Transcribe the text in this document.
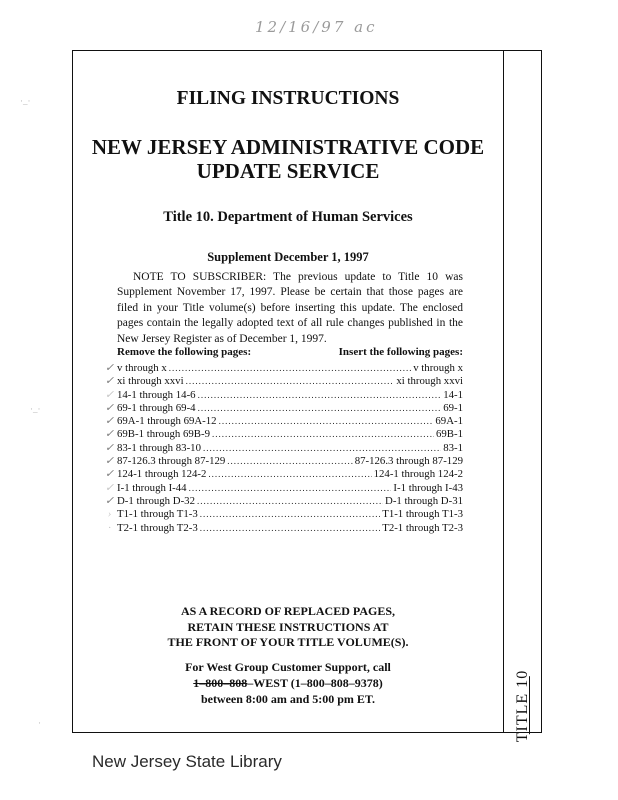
12/16/97 ac
·_·
·_·
·	TITLE 10
FILING INSTRUCTIONS
NEW JERSEY ADMINISTRATIVE CODE
UPDATE SERVICE
Title 10. Department of Human Services
Supplement December 1, 1997

NOTE TO SUBSCRIBER: The previous update to Title 10 was Supplement November 17, 1997. Please be certain that those pages are filed in your Title volume(s) before inserting this update. The enclosed pages contain the legally adopted text of all rule changes published in the New Jersey Register as of December 1, 1997.

Remove the following pages:	Insert the following pages:
✓ v through x .....	v through x
✓ xi through xxvi .....	xi through xxvi
✓ 14-1 through 14-6 .....	14-1
✓ 69-1 through 69-4 .....	69-1
✓ 69A-1 through 69A-12 .....	69A-1
✓ 69B-1 through 69B-9 .....	69B-1
✓ 83-1 through 83-10 .....	83-1
✓ 87-126.3 through 87-129 .....	87-126.3 through 87-129
✓ 124-1 through 124-2 .....	124-1 through 124-2
✓ I-1 through I-44 .....	I-1 through I-43
✓ D-1 through D-32 .....	D-1 through D-31
› T1-1 through T1-3 .....	T1-1 through T1-3
· T2-1 through T2-3 .....	T2-1 through T2-3
AS A RECORD OF REPLACED PAGES,
RETAIN THESE INSTRUCTIONS AT
THE FRONT OF YOUR TITLE VOLUME(S).
For West Group Customer Support, call
1–800–808–WEST (1–800–808–9378)
between 8:00 am and 5:00 pm ET.
New Jersey State Library
